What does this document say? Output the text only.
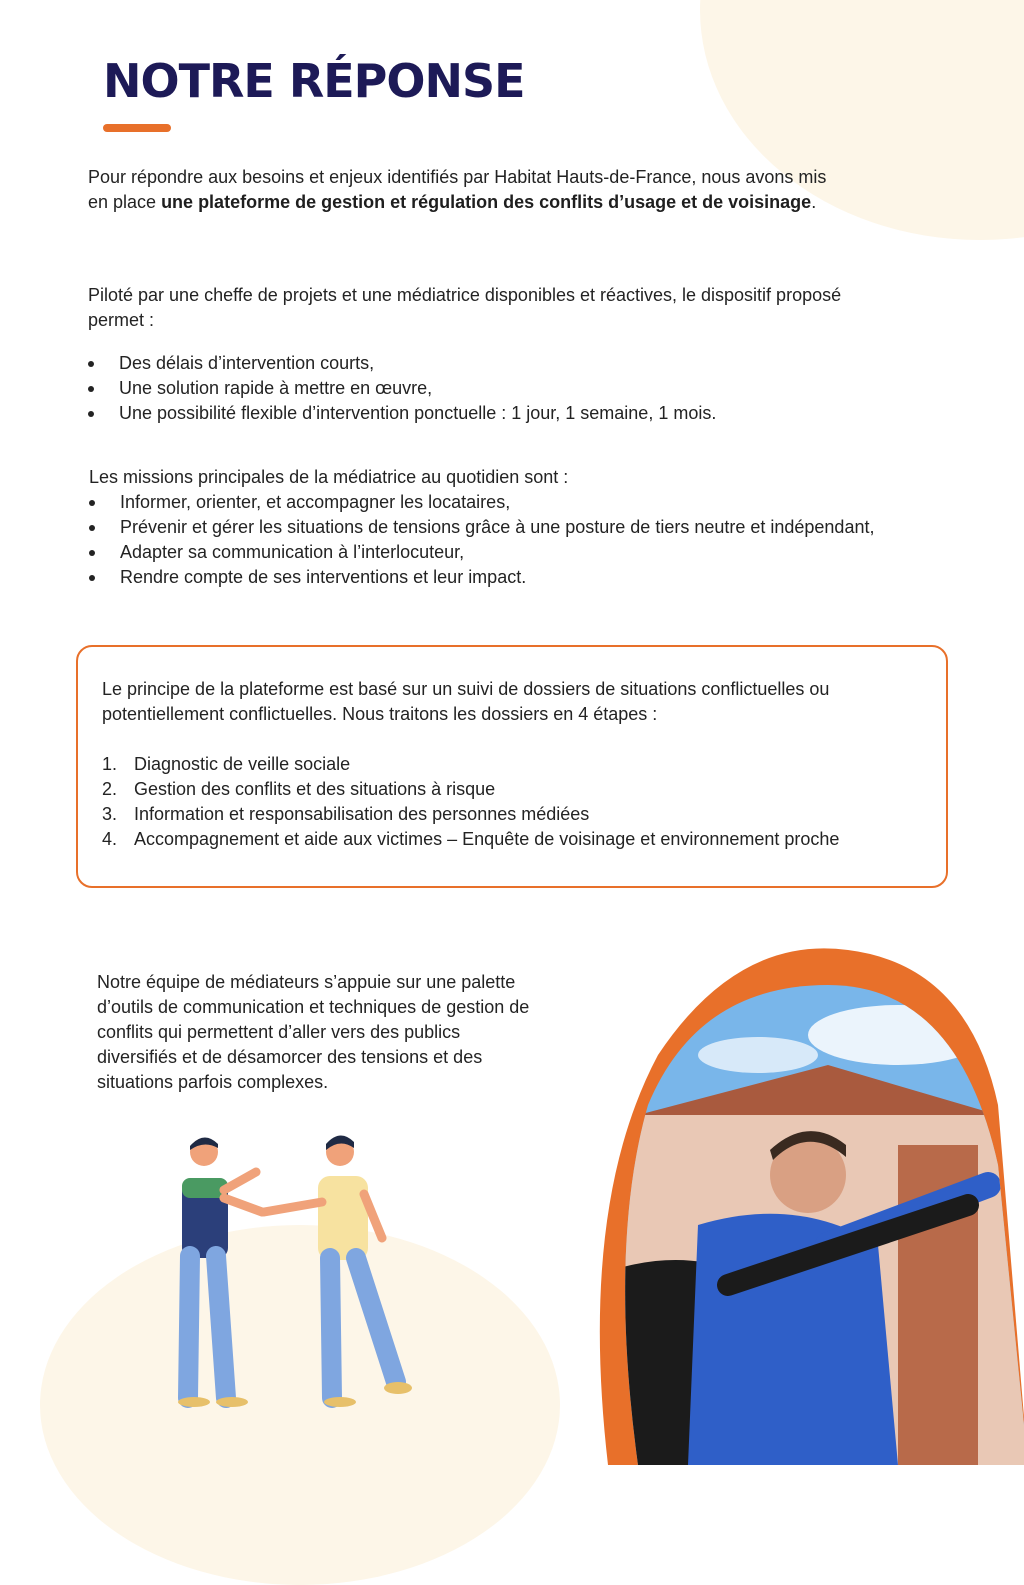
NOTRE RÉPONSE

Pour répondre aux besoins et enjeux identifiés par Habitat Hauts-de-France, nous avons mis en place une plateforme de gestion et régulation des conflits d’usage et de voisinage.

Piloté par une cheffe de projets et une médiatrice disponibles et réactives, le dispositif proposé permet :

Des délais d’intervention courts,
Une solution rapide à mettre en œuvre,
Une possibilité flexible d’intervention ponctuelle : 1 jour, 1 semaine, 1 mois.

Les missions principales de la médiatrice au quotidien sont :

Informer, orienter, et accompagner les locataires,
Prévenir et gérer les situations de tensions grâce à une posture de tiers neutre et indépendant,
Adapter sa communication à l’interlocuteur,
Rendre compte de ses interventions et leur impact.

Le principe de la plateforme est basé sur un suivi de dossiers de situations conflictuelles ou potentiellement conflictuelles. Nous traitons les dossiers en 4 étapes :

1. Diagnostic de veille sociale
2. Gestion des conflits et des situations à risque
3. Information et responsabilisation des personnes médiées
4. Accompagnement et aide aux victimes – Enquête de voisinage et environnement proche

Notre équipe de médiateurs s’appuie sur une palette d’outils de communication et techniques de gestion de conflits qui permettent d’aller vers des publics diversifiés et de désamorcer des tensions et des situations parfois complexes.
